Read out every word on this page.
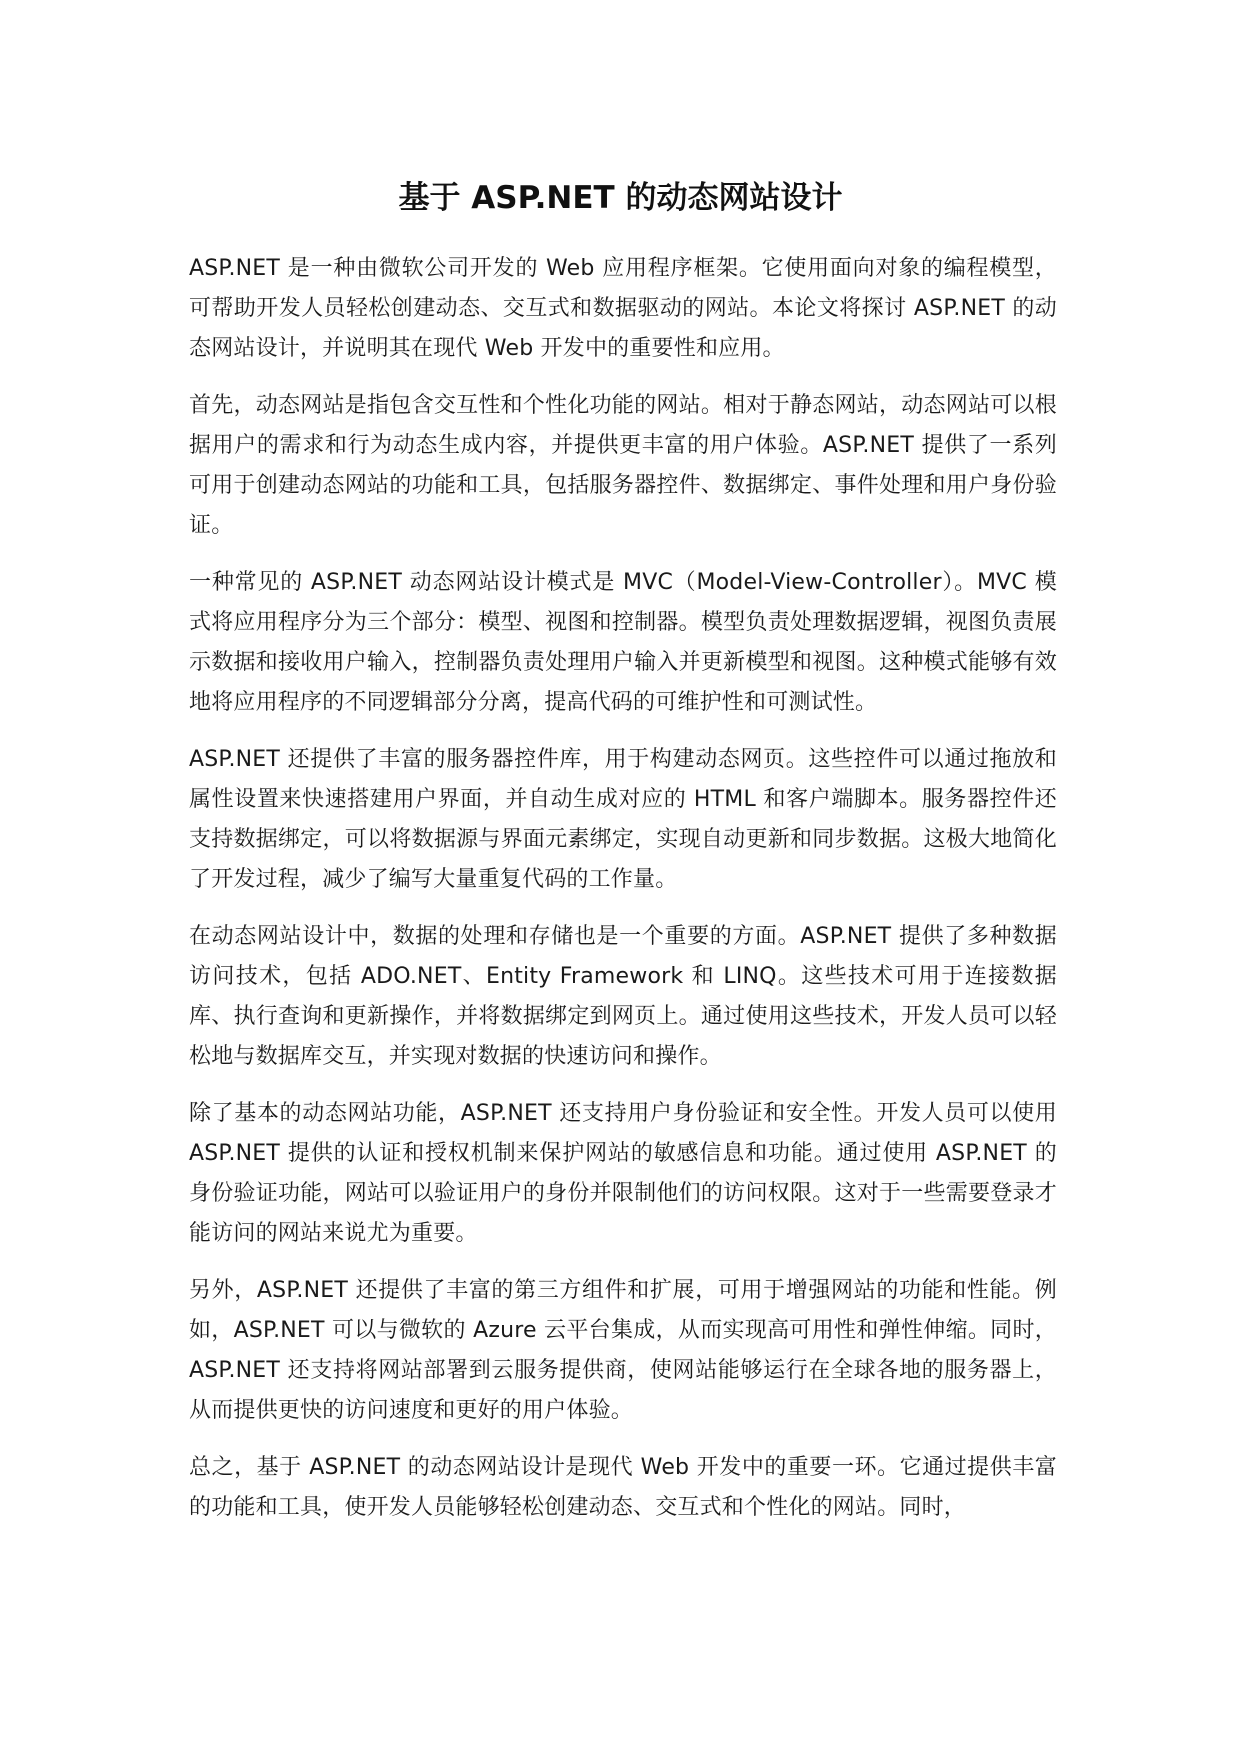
基于 ASP.NET 的动态网站设计

ASP.NET 是一种由微软公司开发的 Web 应用程序框架。它使用面向对象的编程模型，可帮助开发人员轻松创建动态、交互式和数据驱动的网站。本论文将探讨 ASP.NET 的动态网站设计，并说明其在现代 Web 开发中的重要性和应用。

首先，动态网站是指包含交互性和个性化功能的网站。相对于静态网站，动态网站可以根据用户的需求和行为动态生成内容，并提供更丰富的用户体验。ASP.NET 提供了一系列可用于创建动态网站的功能和工具，包括服务器控件、数据绑定、事件处理和用户身份验证。

一种常见的 ASP.NET 动态网站设计模式是 MVC（Model-View-Controller）。MVC 模式将应用程序分为三个部分：模型、视图和控制器。模型负责处理数据逻辑，视图负责展示数据和接收用户输入，控制器负责处理用户输入并更新模型和视图。这种模式能够有效地将应用程序的不同逻辑部分分离，提高代码的可维护性和可测试性。

ASP.NET 还提供了丰富的服务器控件库，用于构建动态网页。这些控件可以通过拖放和属性设置来快速搭建用户界面，并自动生成对应的 HTML 和客户端脚本。服务器控件还支持数据绑定，可以将数据源与界面元素绑定，实现自动更新和同步数据。这极大地简化了开发过程，减少了编写大量重复代码的工作量。

在动态网站设计中，数据的处理和存储也是一个重要的方面。ASP.NET 提供了多种数据访问技术，包括 ADO.NET、Entity Framework 和 LINQ。这些技术可用于连接数据库、执行查询和更新操作，并将数据绑定到网页上。通过使用这些技术，开发人员可以轻松地与数据库交互，并实现对数据的快速访问和操作。

除了基本的动态网站功能，ASP.NET 还支持用户身份验证和安全性。开发人员可以使用 ASP.NET 提供的认证和授权机制来保护网站的敏感信息和功能。通过使用 ASP.NET 的身份验证功能，网站可以验证用户的身份并限制他们的访问权限。这对于一些需要登录才能访问的网站来说尤为重要。

另外，ASP.NET 还提供了丰富的第三方组件和扩展，可用于增强网站的功能和性能。例如，ASP.NET 可以与微软的 Azure 云平台集成，从而实现高可用性和弹性伸缩。同时，ASP.NET 还支持将网站部署到云服务提供商，使网站能够运行在全球各地的服务器上，从而提供更快的访问速度和更好的用户体验。

总之，基于 ASP.NET 的动态网站设计是现代 Web 开发中的重要一环。它通过提供丰富的功能和工具，使开发人员能够轻松创建动态、交互式和个性化的网站。同时，
